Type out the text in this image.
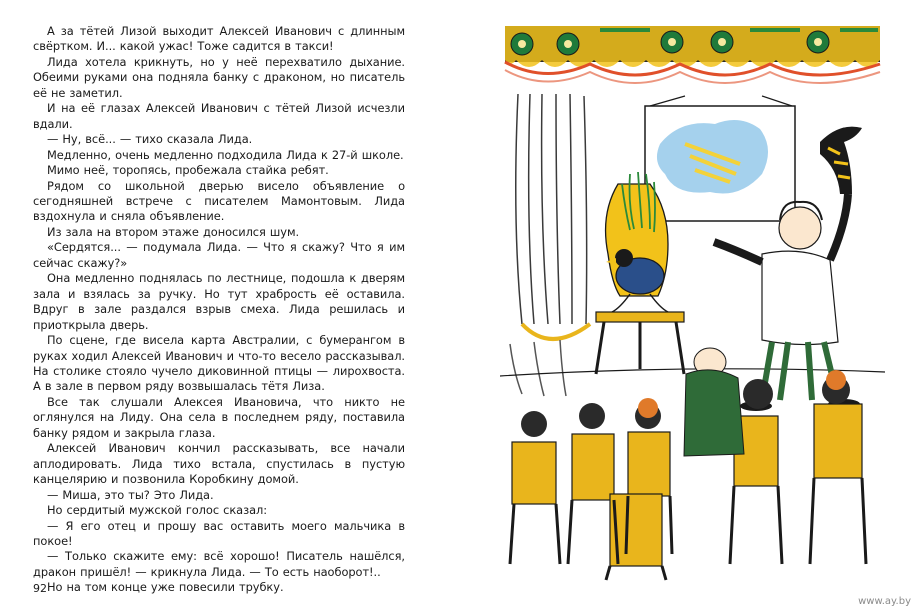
А за тётей Лизой выходит Алексей Иванович с длинным свёртком. И... какой ужас! Тоже садится в такси!

Лида хотела крикнуть, но у неё перехватило дыхание. Обеими руками она подняла банку с драконом, но писатель её не заметил.

И на её глазах Алексей Иванович с тётей Лизой исчезли вдали.

— Ну, всё... — тихо сказала Лида.

Медленно, очень медленно подходила Лида к 27-й школе.

Мимо неё, торопясь, пробежала стайка ребят.

Рядом со школьной дверью висело объявление о сегодняшней встрече с писателем Мамонтовым. Лида вздохнула и сняла объявление.

Из зала на втором этаже доносился шум.

«Сердятся... — подумала Лида. — Что я скажу? Что я им сейчас скажу?»

Она медленно поднялась по лестнице, подошла к дверям зала и взялась за ручку. Но тут храбрость её оставила. Вдруг в зале раздался взрыв смеха. Лида решилась и приоткрыла дверь.

По сцене, где висела карта Австралии, с бумерангом в руках ходил Алексей Иванович и что-то весело рассказывал. На столике стояло чучело диковинной птицы — лирохвоста. А в зале в первом ряду возвышалась тётя Лиза.

Все так слушали Алексея Ивановича, что никто не оглянулся на Лиду. Она села в последнем ряду, поставила банку рядом и закрыла глаза.

Алексей Иванович кончил рассказывать, все начали аплодировать. Лида тихо встала, спустилась в пустую канцелярию и позвонила Коробкину домой.

— Миша, это ты? Это Лида.

Но сердитый мужской голос сказал:

— Я его отец и прошу вас оставить моего мальчика в покое!

— Только скажите ему: всё хорошо! Писатель нашёлся, дракон пришёл! — крикнула Лида. — То есть наоборот!..

Но на том конце уже повесили трубку.

92
www.ay.by
